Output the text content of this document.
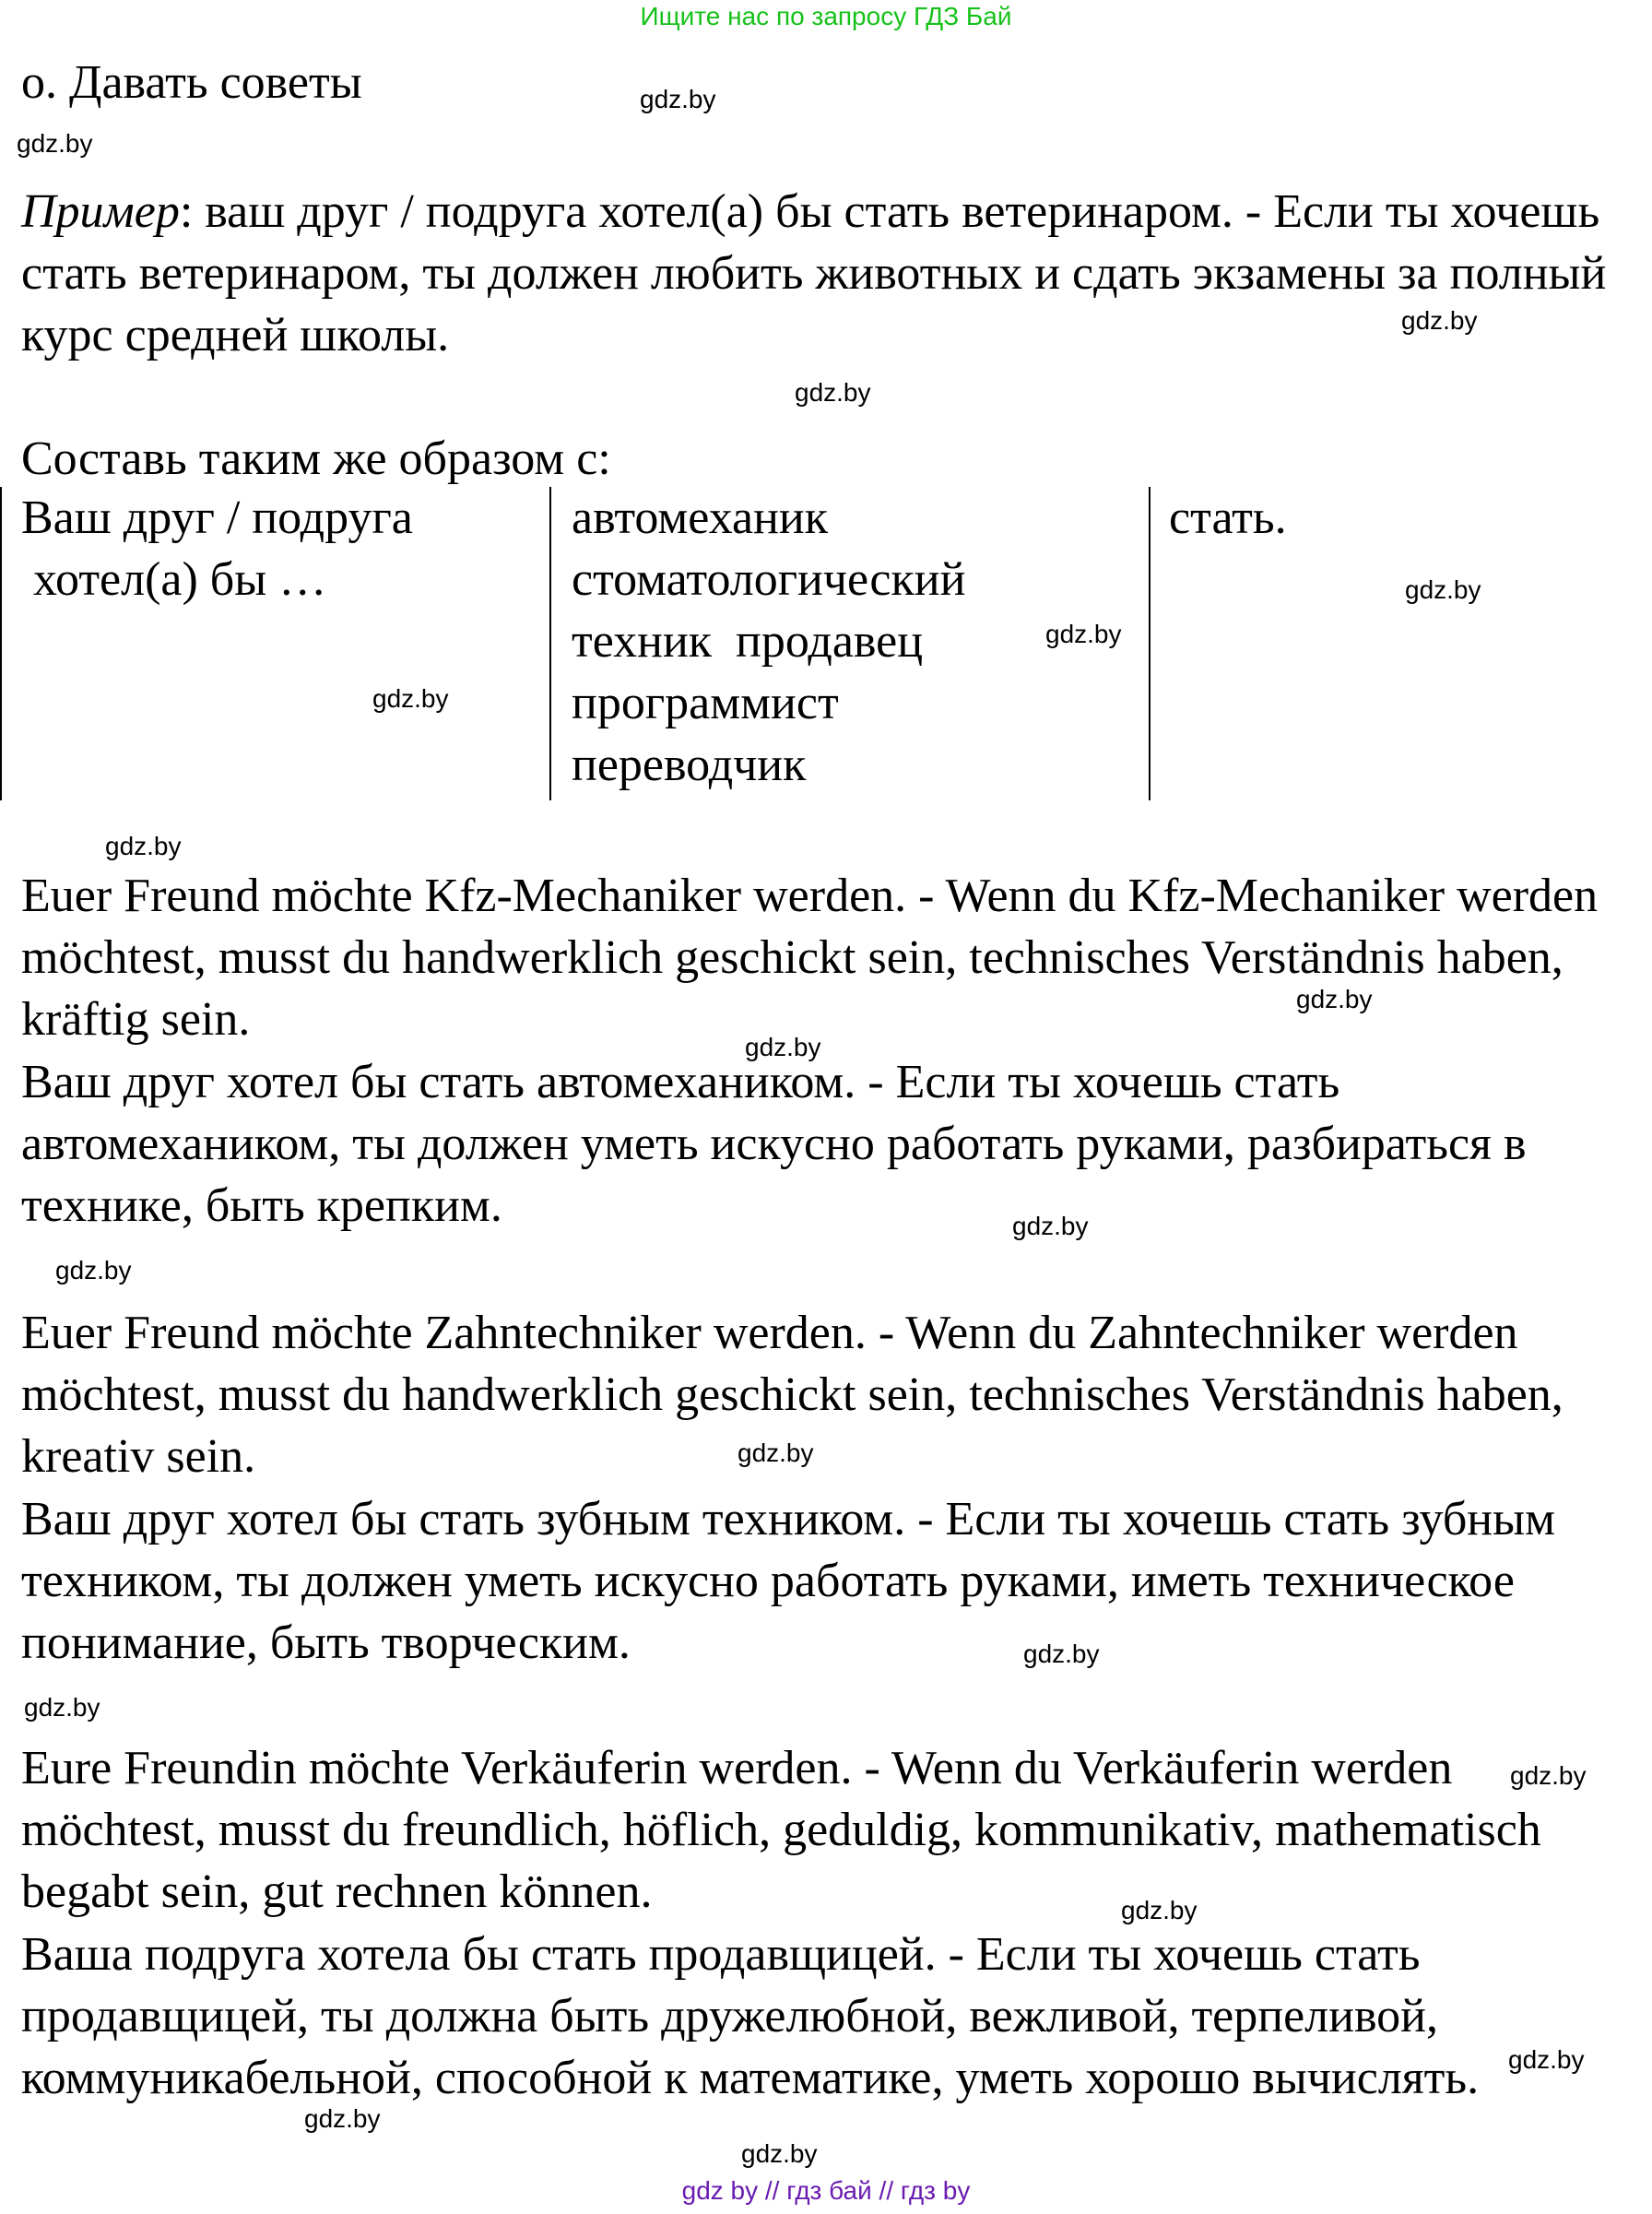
Ищите нас по запросу ГДЗ Бай
о. Давать советы
Пример: ваш друг / подруга хотел(а) бы стать ветеринаром. - Если ты хочешь стать ветеринаром, ты должен любить животных и сдать экзамены за полный курс средней школы.
Составь таким же образом с:
Ваш друг / подруга
хотел(а) бы …
автомеханик
стоматологический
техник  продавец
программист
переводчик
стать.
Euer Freund möchte Kfz-Mechaniker werden. - Wenn du Kfz-Mechaniker werden möchtest, musst du handwerklich geschickt sein, technisches Verständnis haben, kräftig sein.
Ваш друг хотел бы стать автомехаником. - Если ты хочешь стать автомехаником, ты должен уметь искусно работать руками, разбираться в технике, быть крепким.
Euer Freund möchte Zahntechniker werden. - Wenn du Zahntechniker werden möchtest, musst du handwerklich geschickt sein, technisches Verständnis haben, kreativ sein.
Ваш друг хотел бы стать зубным техником. - Если ты хочешь стать зубным техником, ты должен уметь искусно работать руками, иметь техническое понимание, быть творческим.
Eure Freundin möchte Verkäuferin werden. - Wenn du Verkäuferin werden möchtest, musst du freundlich, höflich, geduldig, kommunikativ, mathematisch begabt sein, gut rechnen können.
Ваша подруга хотела бы стать продавщицей. - Если ты хочешь стать продавщицей, ты должна быть дружелюбной, вежливой, терпеливой, коммуникабельной, способной к математике, уметь хорошо вычислять.
gdz.by
gdz.by
gdz.by
gdz.by
gdz.by
gdz.by
gdz.by
gdz.by
gdz.by
gdz.by
gdz.by
gdz.by
gdz.by
gdz.by
gdz.by
gdz.by
gdz.by
gdz.by
gdz.by
gdz.by
gdz by // гдз бай // гдз by
